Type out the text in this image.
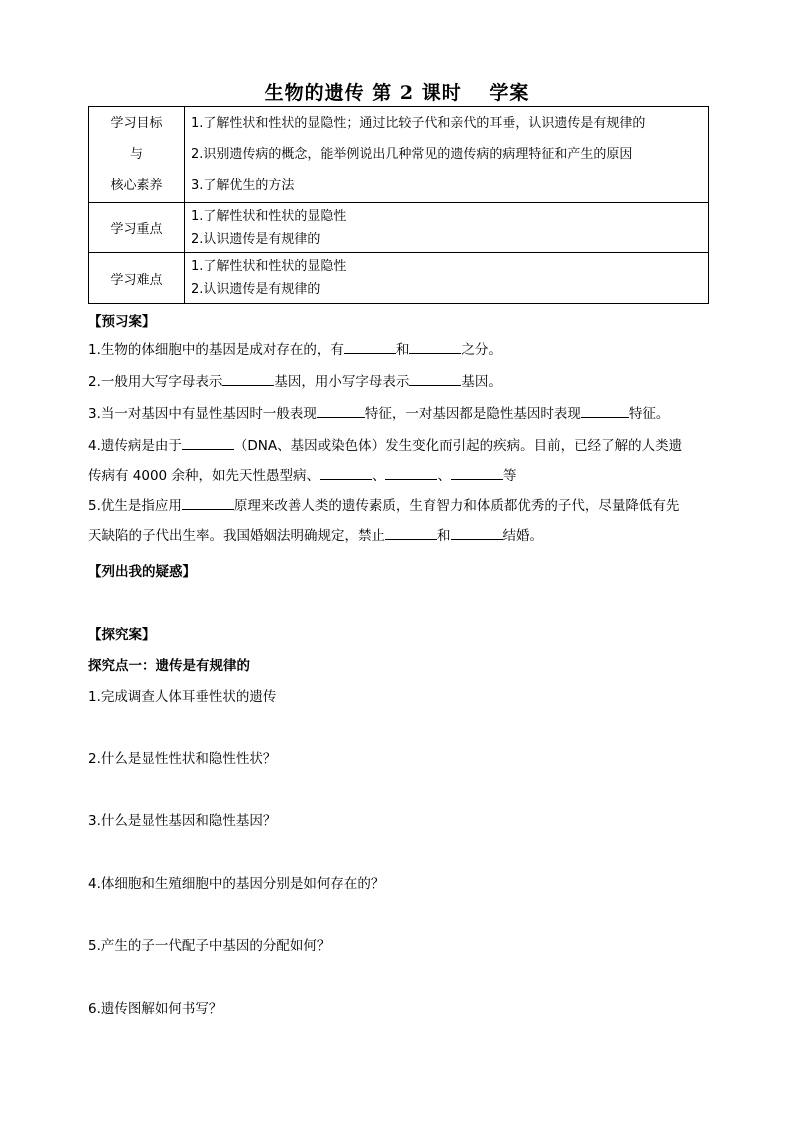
生物的遗传 第 2 课时　 学案
学习目标
与
核心素养	1.了解性状和性状的显隐性；通过比较子代和亲代的耳垂，认识遗传是有规律的
2.识别遗传病的概念，能举例说出几种常见的遗传病的病理特征和产生的原因
3.了解优生的方法

学习重点	1.了解性状和性状的显隐性
2.认识遗传是有规律的

学习难点	1.了解性状和性状的显隐性
2.认识遗传是有规律的
【预习案】
1.生物的体细胞中的基因是成对存在的，有	和	之分。
2.一般用大写字母表示	基因，用小写字母表示	基因。
3.当一对基因中有显性基因时一般表现	特征，一对基因都是隐性基因时表现	特征。
4.遗传病是由于	（DNA、基因或染色体）发生变化而引起的疾病。目前，已经了解的人类遗
传病有 4000 余种，如先天性愚型病、	、	、	等
5.优生是指应用	原理来改善人类的遗传素质，生育智力和体质都优秀的子代，尽量降低有先
天缺陷的子代出生率。我国婚姻法明确规定，禁止	和	结婚。
【列出我的疑惑】
【探究案】
探究点一：遗传是有规律的
1.完成调查人体耳垂性状的遗传
2.什么是显性性状和隐性性状？
3.什么是显性基因和隐性基因？
4.体细胞和生殖细胞中的基因分别是如何存在的？
5.产生的子一代配子中基因的分配如何？
6.遗传图解如何书写？
